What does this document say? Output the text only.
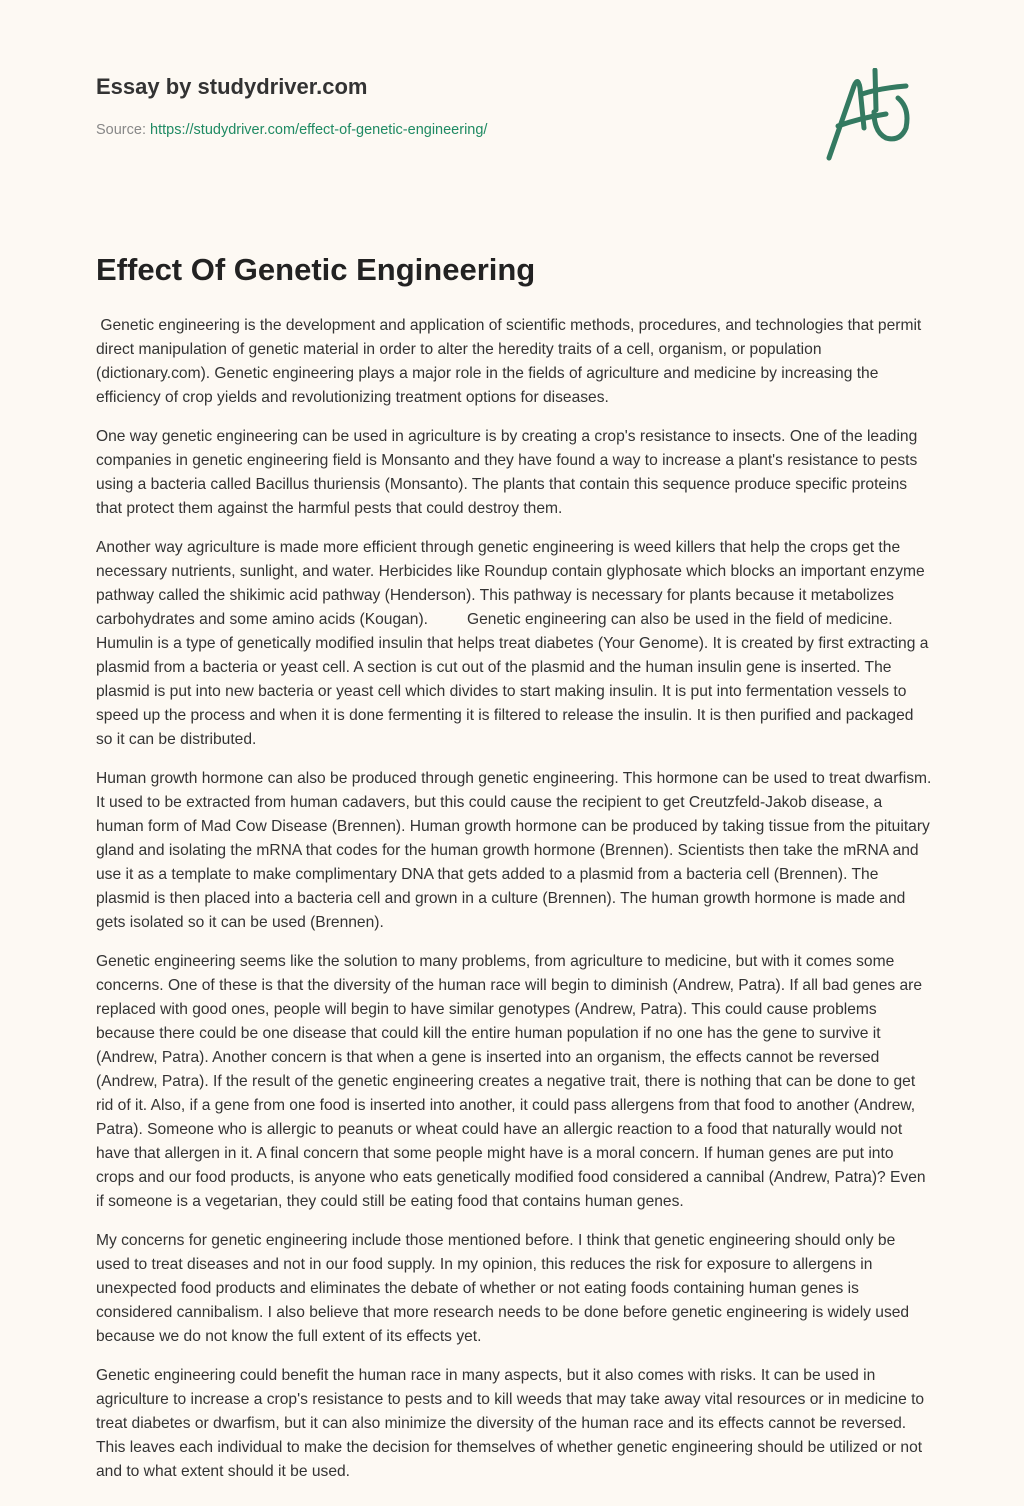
Essay by studydriver.com
Source: https://studydriver.com/effect-of-genetic-engineering/
Effect Of Genetic Engineering

Genetic engineering is the development and application of scientific methods, procedures, and technologies that permit direct manipulation of genetic material in order to alter the heredity traits of a cell, organism, or population (dictionary.com). Genetic engineering plays a major role in the fields of agriculture and medicine by increasing the efficiency of crop yields and revolutionizing treatment options for diseases.

One way genetic engineering can be used in agriculture is by creating a crop's resistance to insects. One of the leading companies in genetic engineering field is Monsanto and they have found a way to increase a plant's resistance to pests using a bacteria called Bacillus thuriensis (Monsanto). The plants that contain this sequence produce specific proteins that protect them against the harmful pests that could destroy them.

Another way agriculture is made more efficient through genetic engineering is weed killers that help the crops get the necessary nutrients, sunlight, and water. Herbicides like Roundup contain glyphosate which blocks an important enzyme pathway called the shikimic acid pathway (Henderson). This pathway is necessary for plants because it metabolizes carbohydrates and some amino acids (Kougan).         Genetic engineering can also be used in the field of medicine. Humulin is a type of genetically modified insulin that helps treat diabetes (Your Genome). It is created by first extracting a plasmid from a bacteria or yeast cell. A section is cut out of the plasmid and the human insulin gene is inserted. The plasmid is put into new bacteria or yeast cell which divides to start making insulin. It is put into fermentation vessels to speed up the process and when it is done fermenting it is filtered to release the insulin. It is then purified and packaged so it can be distributed.

Human growth hormone can also be produced through genetic engineering. This hormone can be used to treat dwarfism. It used to be extracted from human cadavers, but this could cause the recipient to get Creutzfeld-Jakob disease, a human form of Mad Cow Disease (Brennen). Human growth hormone can be produced by taking tissue from the pituitary gland and isolating the mRNA that codes for the human growth hormone (Brennen). Scientists then take the mRNA and use it as a template to make complimentary DNA that gets added to a plasmid from a bacteria cell (Brennen). The plasmid is then placed into a bacteria cell and grown in a culture (Brennen). The human growth hormone is made and gets isolated so it can be used (Brennen).

Genetic engineering seems like the solution to many problems, from agriculture to medicine, but with it comes some concerns. One of these is that the diversity of the human race will begin to diminish (Andrew, Patra). If all bad genes are replaced with good ones, people will begin to have similar genotypes (Andrew, Patra). This could cause problems because there could be one disease that could kill the entire human population if no one has the gene to survive it (Andrew, Patra). Another concern is that when a gene is inserted into an organism, the effects cannot be reversed (Andrew, Patra). If the result of the genetic engineering creates a negative trait, there is nothing that can be done to get rid of it. Also, if a gene from one food is inserted into another, it could pass allergens from that food to another (Andrew, Patra). Someone who is allergic to peanuts or wheat could have an allergic reaction to a food that naturally would not have that allergen in it. A final concern that some people might have is a moral concern. If human genes are put into crops and our food products, is anyone who eats genetically modified food considered a cannibal (Andrew, Patra)? Even if someone is a vegetarian, they could still be eating food that contains human genes.

My concerns for genetic engineering include those mentioned before. I think that genetic engineering should only be used to treat diseases and not in our food supply. In my opinion, this reduces the risk for exposure to allergens in unexpected food products and eliminates the debate of whether or not eating foods containing human genes is considered cannibalism. I also believe that more research needs to be done before genetic engineering is widely used because we do not know the full extent of its effects yet.

Genetic engineering could benefit the human race in many aspects, but it also comes with risks. It can be used in agriculture to increase a crop's resistance to pests and to kill weeds that may take away vital resources or in medicine to treat diabetes or dwarfism, but it can also minimize the diversity of the human race and its effects cannot be reversed. This leaves each individual to make the decision for themselves of whether genetic engineering should be utilized or not and to what extent should it be used.
